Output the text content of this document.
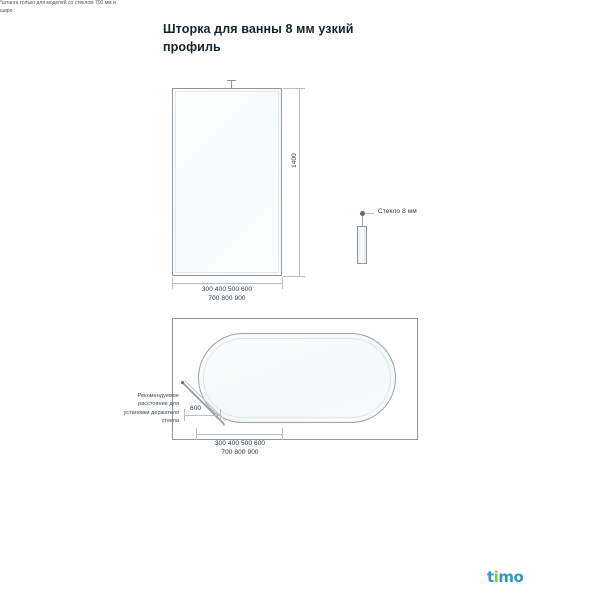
Шторка для ванны 8 мм узкий профиль
1400
300 400 500 600
700 800 900
Стекло 8 мм
600
Рекомендуемое расстояние для установки держателя стекла
300 400 500 600
700 800 900
*штанга только для моделей со стеклом 700 мм и шире
timo
